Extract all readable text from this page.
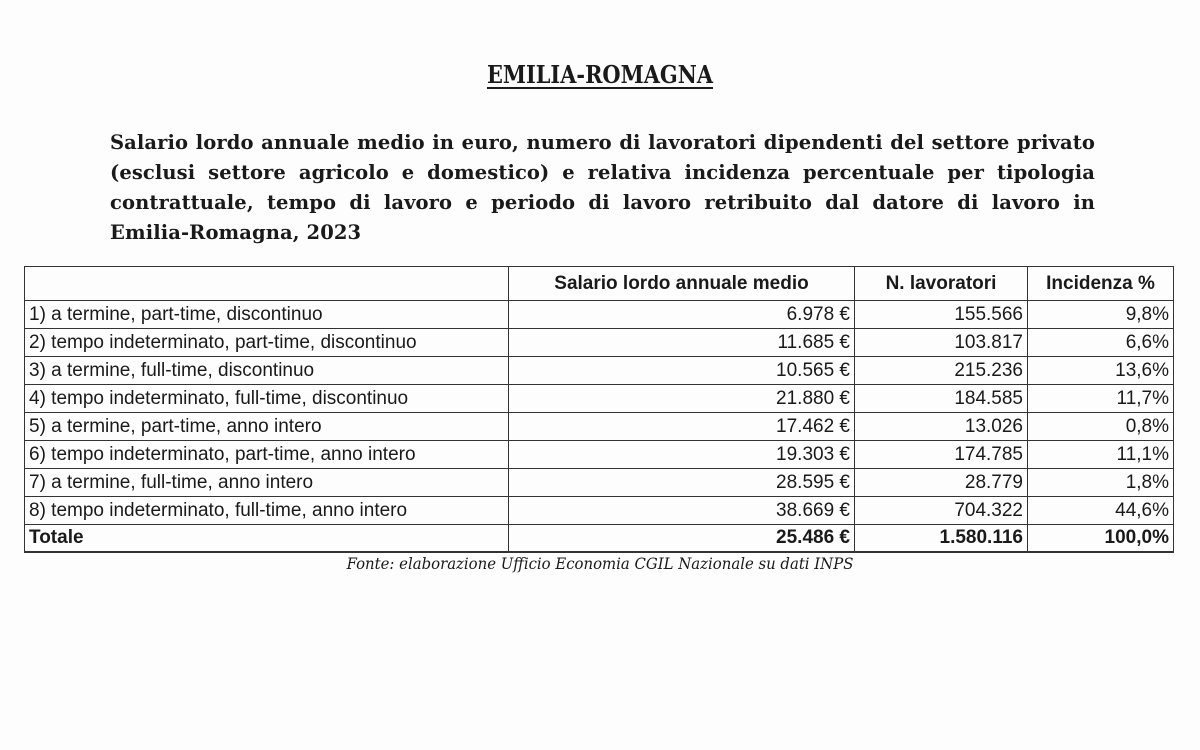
EMILIA-ROMAGNA
Salario lordo annuale medio in euro, numero di lavoratori dipendenti del settore privato (esclusi settore agricolo e domestico) e relativa incidenza percentuale per tipologia contrattuale, tempo di lavoro e periodo di lavoro retribuito dal datore di lavoro in Emilia-Romagna, 2023
	Salario lordo annuale medio	N. lavoratori	Incidenza %
1) a termine, part-time, discontinuo	6.978 €	155.566	9,8%
2) tempo indeterminato, part-time, discontinuo	11.685 €	103.817	6,6%
3) a termine, full-time, discontinuo	10.565 €	215.236	13,6%
4) tempo indeterminato, full-time, discontinuo	21.880 €	184.585	11,7%
5) a termine, part-time, anno intero	17.462 €	13.026	0,8%
6) tempo indeterminato, part-time, anno intero	19.303 €	174.785	11,1%
7) a termine, full-time, anno intero	28.595 €	28.779	1,8%
8) tempo indeterminato, full-time, anno intero	38.669 €	704.322	44,6%
Totale	25.486 €	1.580.116	100,0%
Fonte: elaborazione Ufficio Economia CGIL Nazionale su dati INPS
